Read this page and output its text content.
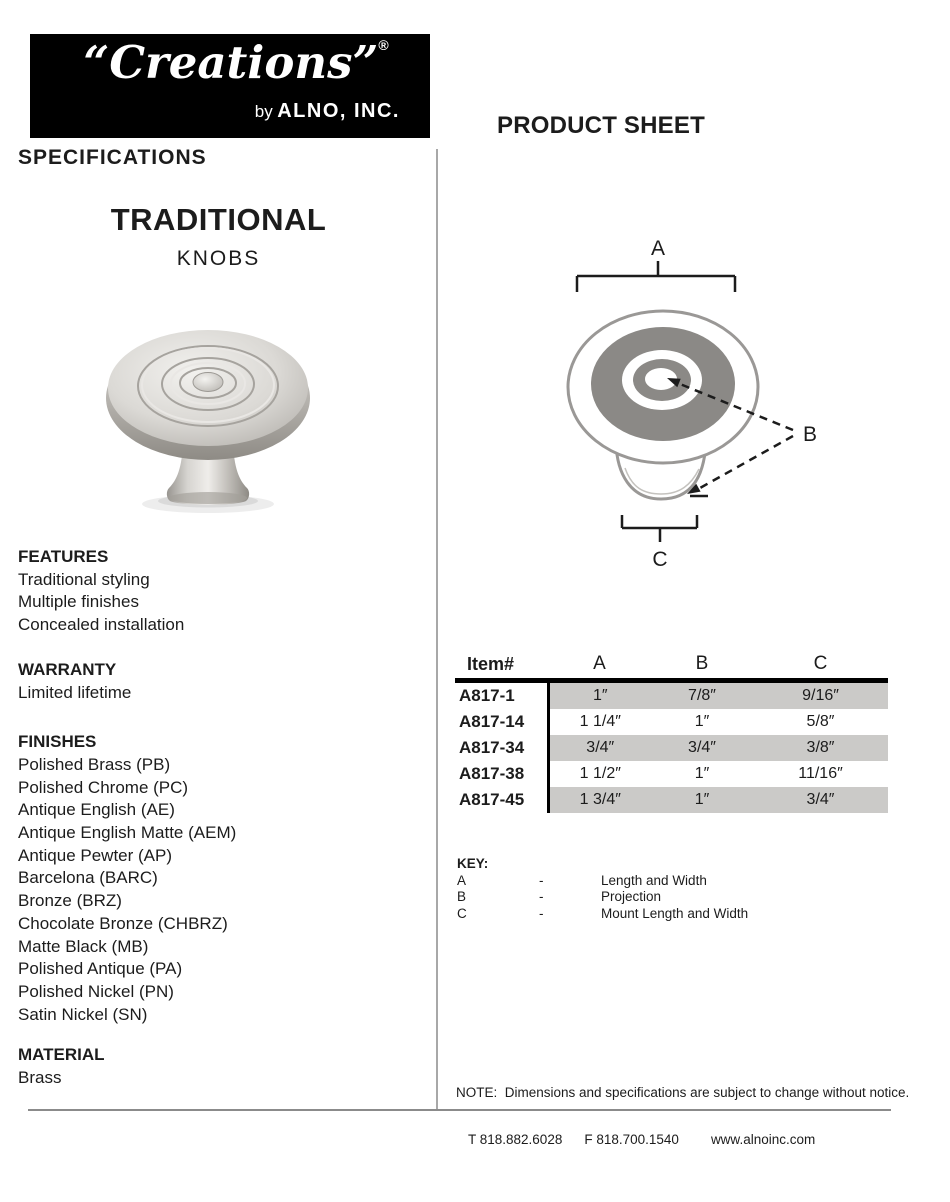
“Creations”®
by ALNO, INC.
SPECIFICATIONS
TRADITIONAL
KNOBS
FEATURES
Traditional styling
Multiple finishes
Concealed installation
WARRANTY
Limited lifetime
FINISHES
Polished Brass (PB)
Polished Chrome (PC)
Antique English (AE)
Antique English Matte (AEM)
Antique Pewter (AP)
Barcelona (BARC)
Bronze (BRZ)
Chocolate Bronze (CHBRZ)
Matte Black (MB)
Polished Antique (PA)
Polished Nickel (PN)
Satin Nickel (SN)
MATERIAL
Brass
PRODUCT SHEET
A
C
B
Item#	A	B	C
A817-1	1″	7/8″	9/16″
A817-14	1 1/4″	1″	5/8″
A817-34	3/4″	3/4″	3/8″
A817-38	1 1/2″	1″	11/16″
A817-45	1 3/4″	1″	3/4″
KEY:
A	-	Length and Width
B	-	Projection
C	-	Mount Length and Width
NOTE:  Dimensions and specifications are subject to change without notice.
T 818.882.6028 F 818.700.1540 www.alnoinc.com
